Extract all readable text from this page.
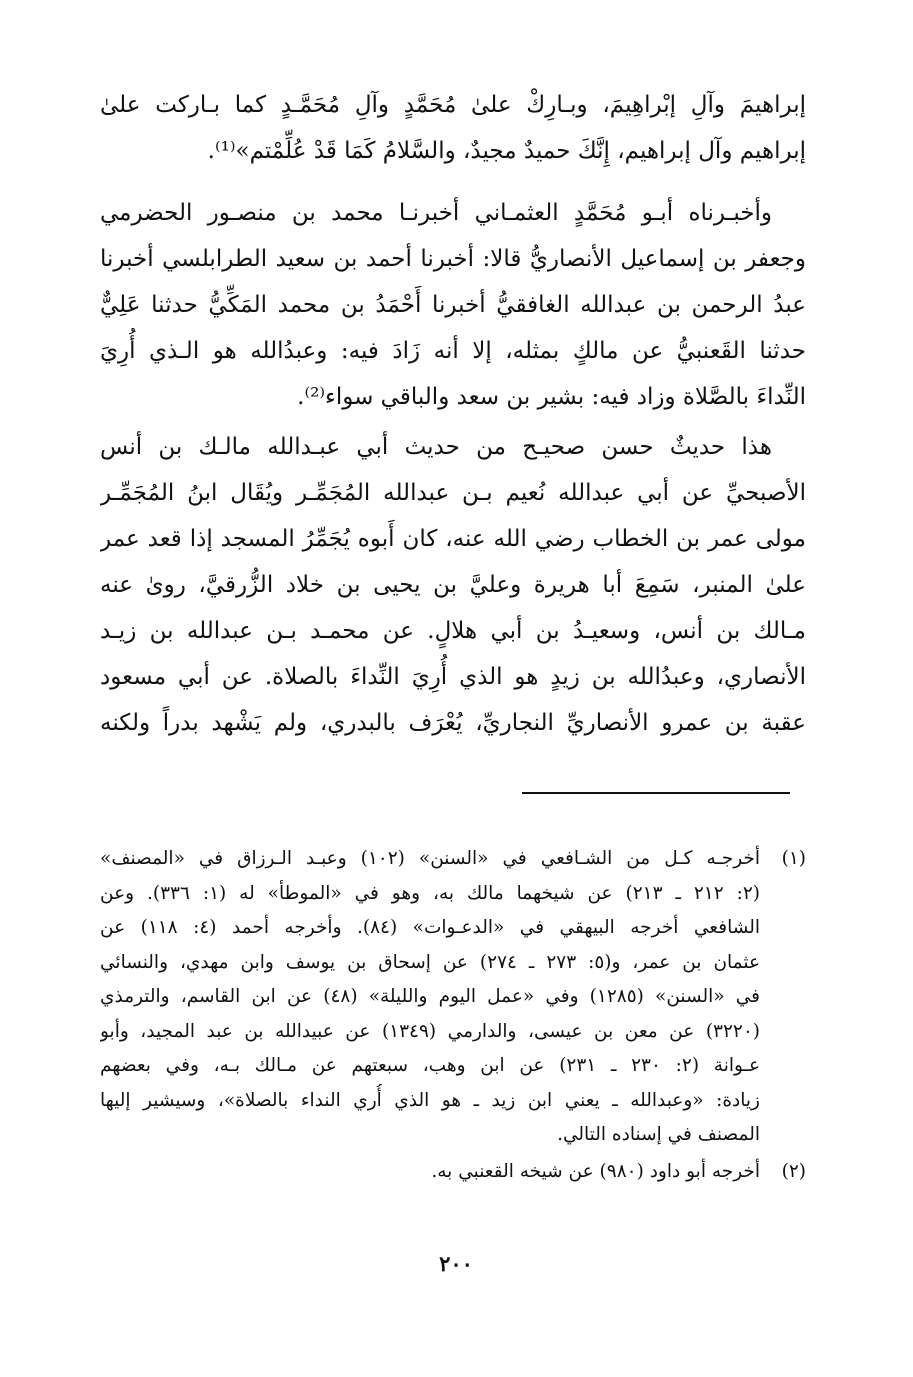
إبراهيمَ وآلِ إبْراهِيمَ، وبـارِكْ علىٰ مُحَمَّدٍ وآلِ مُحَمَّـدٍ كما بـاركت علىٰ
إبراهيم وآل إبراهيم، إِنَّكَ حميدٌ مجيدٌ، والسَّلامُ كَمَا قَدْ عُلِّمْتم»⁽¹⁾.
وأخبـرناه أبـو مُحَمَّدٍ العثمـاني أخبرنـا محمد بن منصـور الحضرمي
وجعفر بن إسماعيل الأنصاريُّ قالا: أخبرنا أحمد بن سعيد الطرابلسي أخبرنا
عبدُ الرحمن بن عبدالله الغافقيُّ أخبرنا أَحْمَدُ بن محمد المَكِّيُّ حدثنا عَلِيٌّ
حدثنا القَعنبيُّ عن مالكٍ بمثله، إلا أنه زَادَ فيه: وعبدُالله هو الـذي أُرِيَ
النِّداءَ بالصَّلاة وزاد فيه: بشير بن سعد والباقي سواء⁽²⁾.
هذا حديثٌ حسن صحيـح من حديث أبي عبـدالله مالـك بن أنس
الأصبحيِّ عن أبي عبدالله نُعيم بـن عبدالله المُجَمِّـر ويُقَال ابنُ المُجَمِّـر
مولى عمر بن الخطاب رضي الله عنه، كان أَبوه يُجَمِّرُ المسجد إذا قعد عمر
علىٰ المنبر، سَمِعَ أبا هريرة وعليَّ بن يحيى بن خلاد الزُّرقيَّ، روىٰ عنه
مـالك بن أنس، وسعيـدُ بن أبي هلالٍ. عن محمـد بـن عبدالله بن زيـد
الأنصاري، وعبدُالله بن زيدٍ هو الذي أُرِيَ النِّداءَ بالصلاة. عن أبي مسعود
عقبة بن عمرو الأنصاريِّ النجاريِّ، يُعْرَف بالبدري، ولم يَشْهد بدراً ولكنه
(١)
أخرجـه كـل من الشـافعي في «السنن» (١٠٢) وعبـد الـرزاق في «المصنف»
(٢: ٢١٢ ـ ٢١٣) عن شيخهما مالك به، وهو في «الموطأ» له (١: ٣٣٦). وعن
الشافعي أخرجه البيهقي في «الدعـوات» (٨٤). وأخرجه أحمد (٤: ١١٨) عن
عثمان بن عمر، و(٥: ٢٧٣ ـ ٢٧٤) عن إسحاق بن يوسف وابن مهدي، والنسائي
في «السنن» (١٢٨٥) وفي «عمل اليوم والليلة» (٤٨) عن ابن القاسم، والترمذي
(٣٢٢٠) عن معن بن عيسى، والدارمي (١٣٤٩) عن عبيدالله بن عبد المجيد، وأبو
عـوانة (٢: ٢٣٠ ـ ٢٣١) عن ابن وهب، سبعتهم عن مـالك بـه، وفي بعضهم
زيادة: «وعبدالله ـ يعني ابن زيد ـ هو الذي أُري النداء بالصلاة»، وسيشير إليها
المصنف في إسناده التالي.
(٢)
أخرجه أبو داود (٩٨٠) عن شيخه القعنبي به.
٢٠٠
